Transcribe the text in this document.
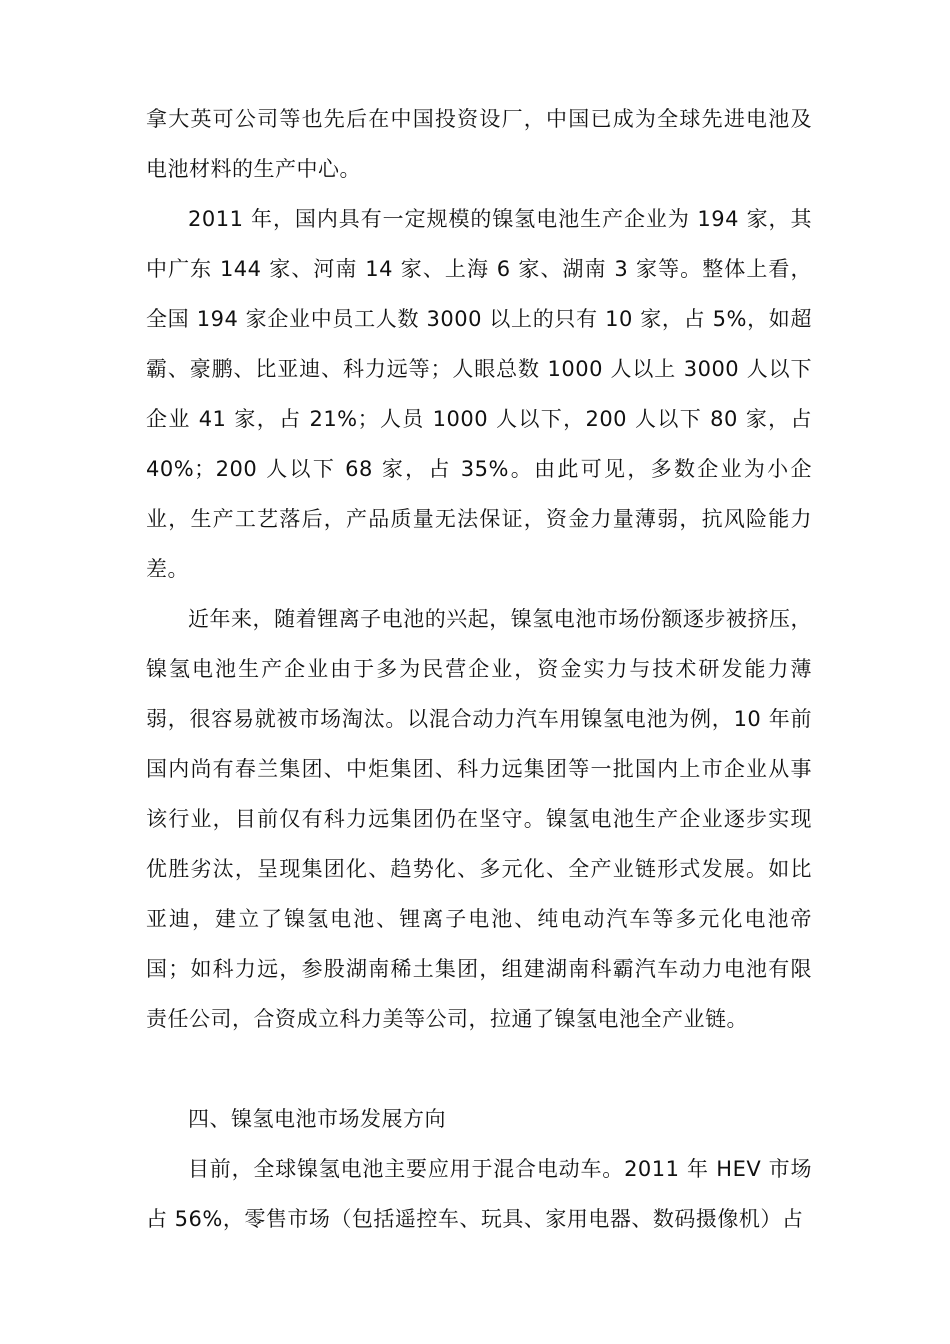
拿大英可公司等也先后在中国投资设厂，中国已成为全球先进电池及电池材料的生产中心。

2011 年，国内具有一定规模的镍氢电池生产企业为 194 家，其中广东 144 家、河南 14 家、上海 6 家、湖南 3 家等。整体上看，全国 194 家企业中员工人数 3000 以上的只有 10 家，占 5%，如超霸、豪鹏、比亚迪、科力远等；人眼总数 1000 人以上 3000 人以下企业 41 家，占 21%；人员 1000 人以下，200 人以下 80 家，占 40%；200 人以下 68 家，占 35%。由此可见，多数企业为小企业，生产工艺落后，产品质量无法保证，资金力量薄弱，抗风险能力差。

近年来，随着锂离子电池的兴起，镍氢电池市场份额逐步被挤压，镍氢电池生产企业由于多为民营企业，资金实力与技术研发能力薄弱，很容易就被市场淘汰。以混合动力汽车用镍氢电池为例，10 年前国内尚有春兰集团、中炬集团、科力远集团等一批国内上市企业从事该行业，目前仅有科力远集团仍在坚守。镍氢电池生产企业逐步实现优胜劣汰，呈现集团化、趋势化、多元化、全产业链形式发展。如比亚迪，建立了镍氢电池、锂离子电池、纯电动汽车等多元化电池帝国；如科力远，参股湖南稀土集团，组建湖南科霸汽车动力电池有限责任公司，合资成立科力美等公司，拉通了镍氢电池全产业链。

四、镍氢电池市场发展方向

目前，全球镍氢电池主要应用于混合电动车。2011 年 HEV 市场占 56%，零售市场（包括遥控车、玩具、家用电器、数码摄像机）占
